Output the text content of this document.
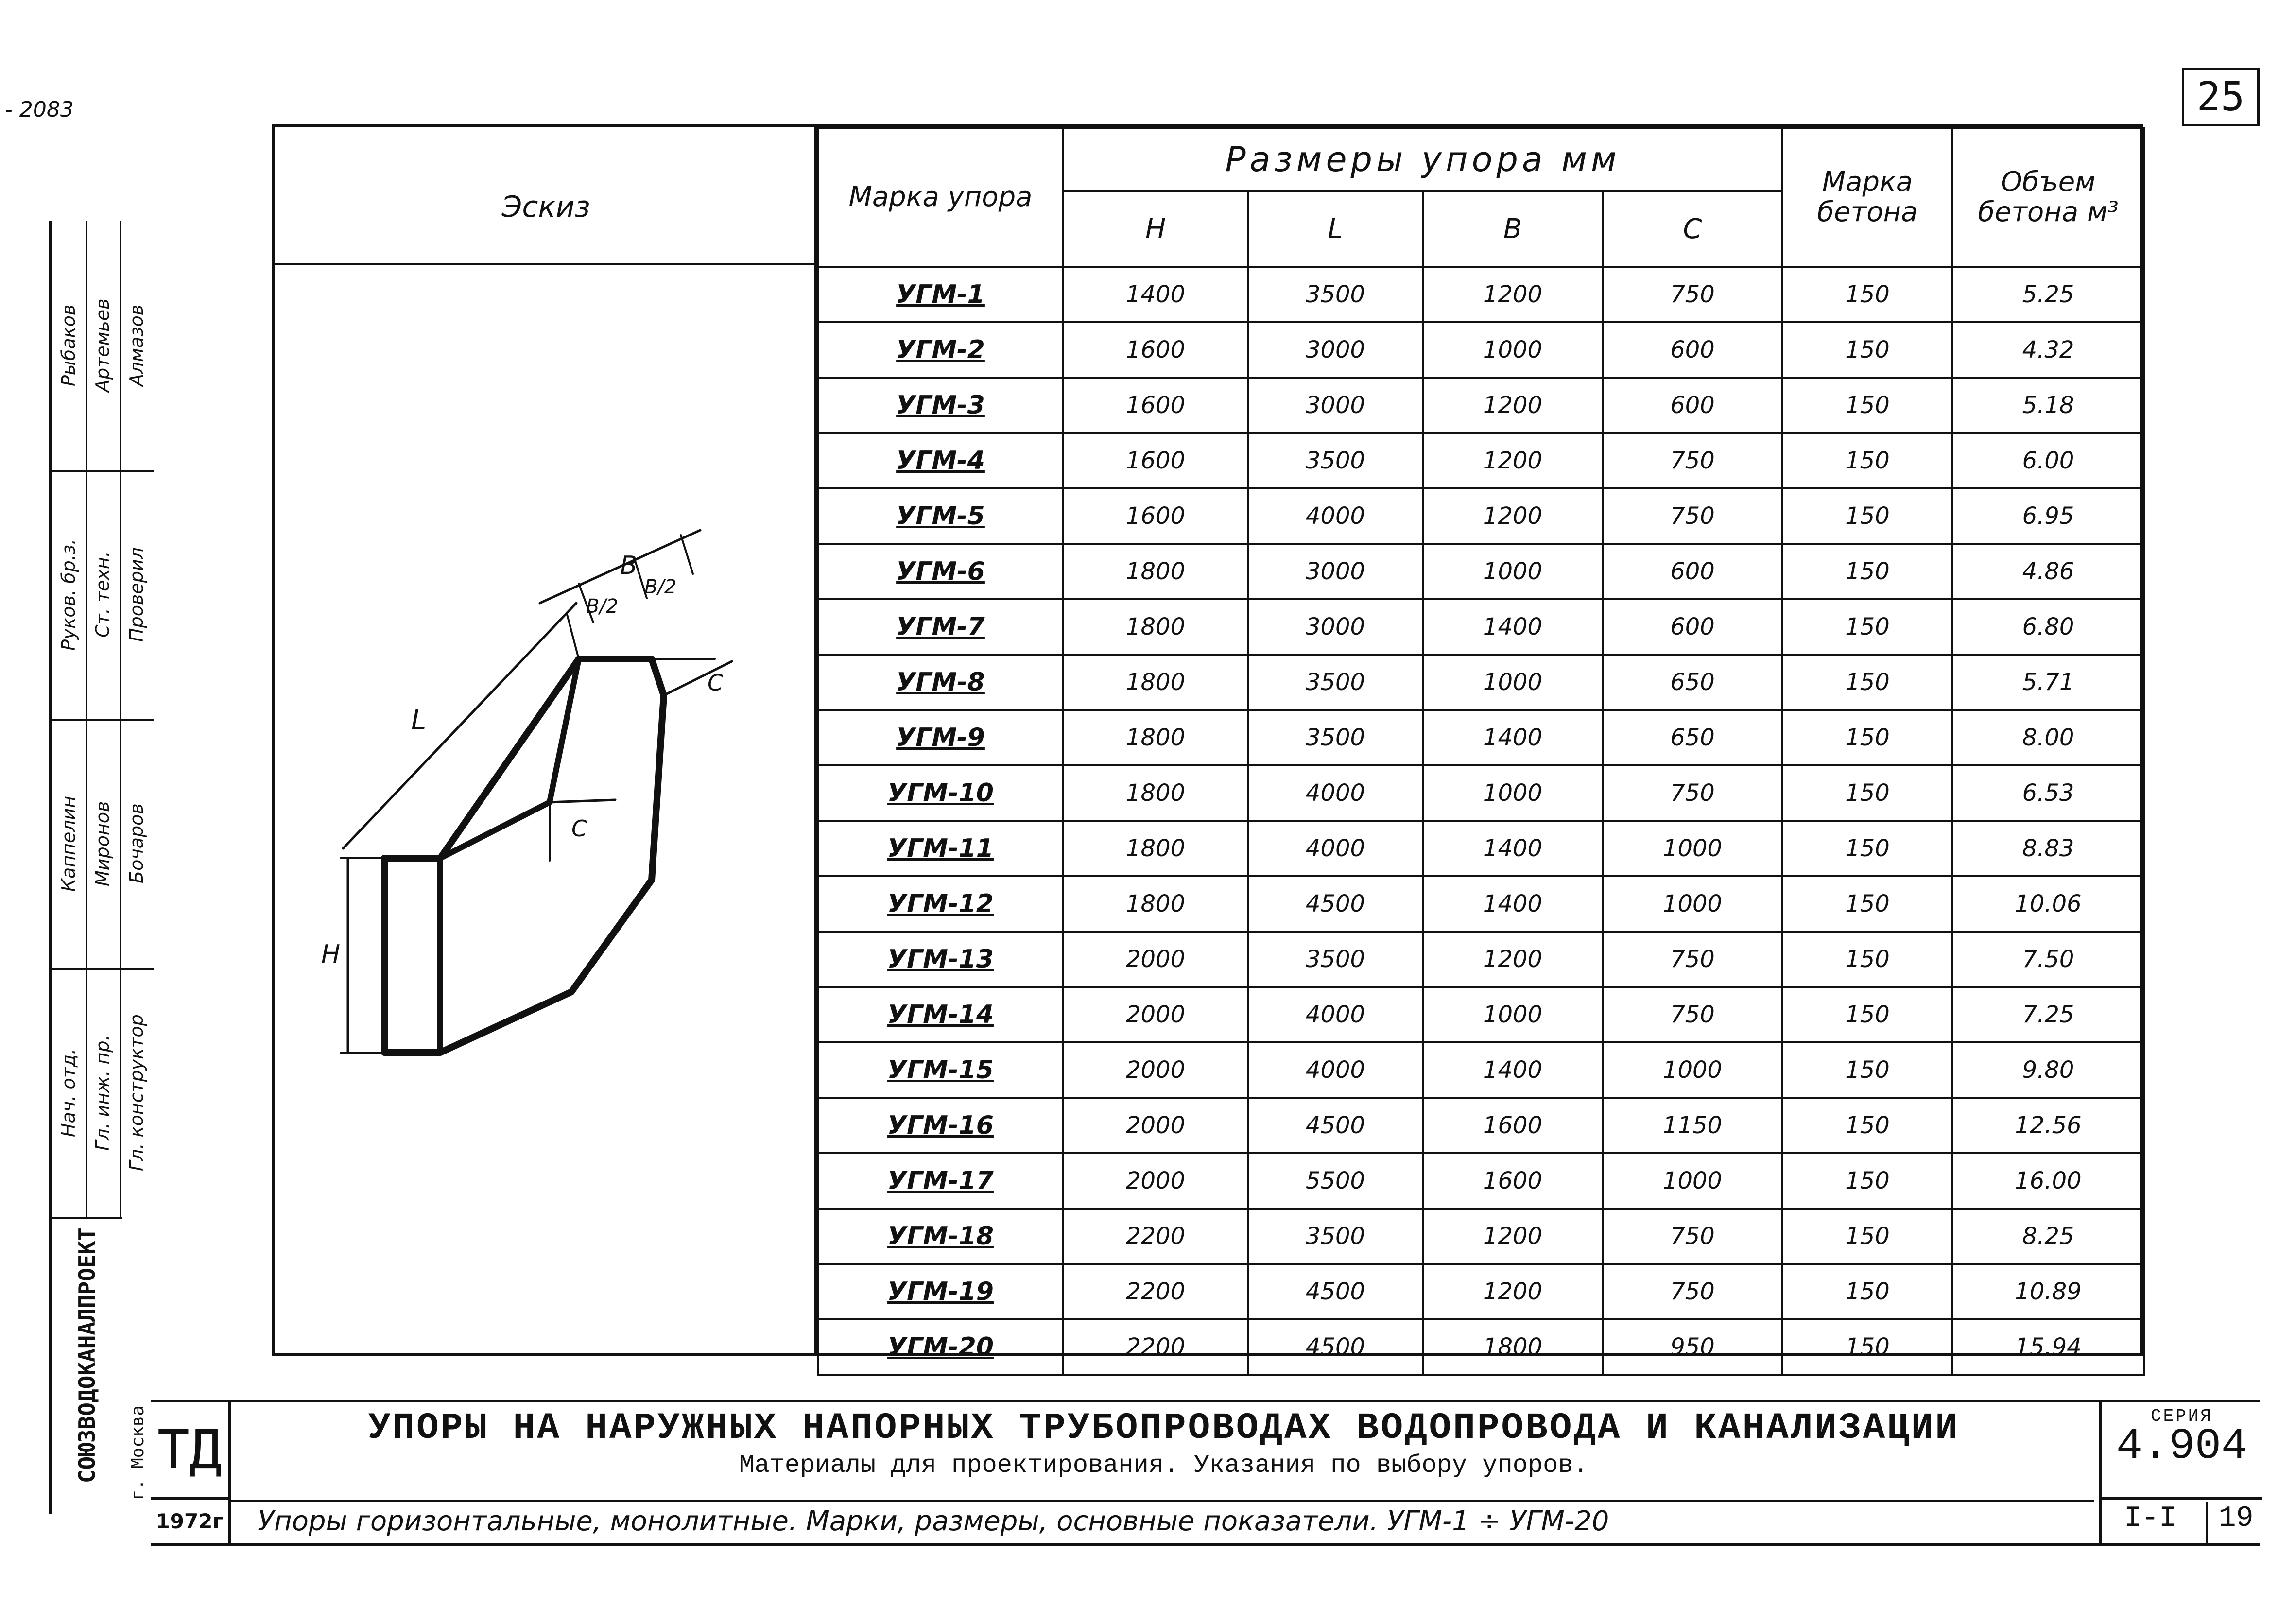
25
- 2083
Нач. отд. Гл. инж. пр. Гл. конструктор
Каппелин Миронов Бочаров
Руков. бр.з. Ст. техн. Проверил
Рыбаков Артемьев Алмазов
СОЮЗВОДОКАНАЛПРОЕКТ г. Москва
Эскиз
B
B/2
B/2
C
C
L
H
Марка упора	Размеры упора мм				Марка бетона	Объем бетона м³
	H	L	B	C		
УГМ-1	1400	3500	1200	750	150	5.25
УГМ-2	1600	3000	1000	600	150	4.32
УГМ-3	1600	3000	1200	600	150	5.18
УГМ-4	1600	3500	1200	750	150	6.00
УГМ-5	1600	4000	1200	750	150	6.95
УГМ-6	1800	3000	1000	600	150	4.86
УГМ-7	1800	3000	1400	600	150	6.80
УГМ-8	1800	3500	1000	650	150	5.71
УГМ-9	1800	3500	1400	650	150	8.00
УГМ-10	1800	4000	1000	750	150	6.53
УГМ-11	1800	4000	1400	1000	150	8.83
УГМ-12	1800	4500	1400	1000	150	10.06
УГМ-13	2000	3500	1200	750	150	7.50
УГМ-14	2000	4000	1000	750	150	7.25
УГМ-15	2000	4000	1400	1000	150	9.80
УГМ-16	2000	4500	1600	1150	150	12.56
УГМ-17	2000	5500	1600	1000	150	16.00
УГМ-18	2200	3500	1200	750	150	8.25
УГМ-19	2200	4500	1200	750	150	10.89
УГМ-20	2200	4500	1800	950	150	15.94
ТД
1972г
УПОРЫ НА НАРУЖНЫХ НАПОРНЫХ ТРУБОПРОВОДАХ ВОДОПРОВОДА И КАНАЛИЗАЦИИ
Материалы для проектирования. Указания по выбору упоров.
Упоры горизонтальные, монолитные. Марки, размеры, основные показатели. УГМ-1 ÷ УГМ-20
СЕРИЯ
4.904
I-I	19
